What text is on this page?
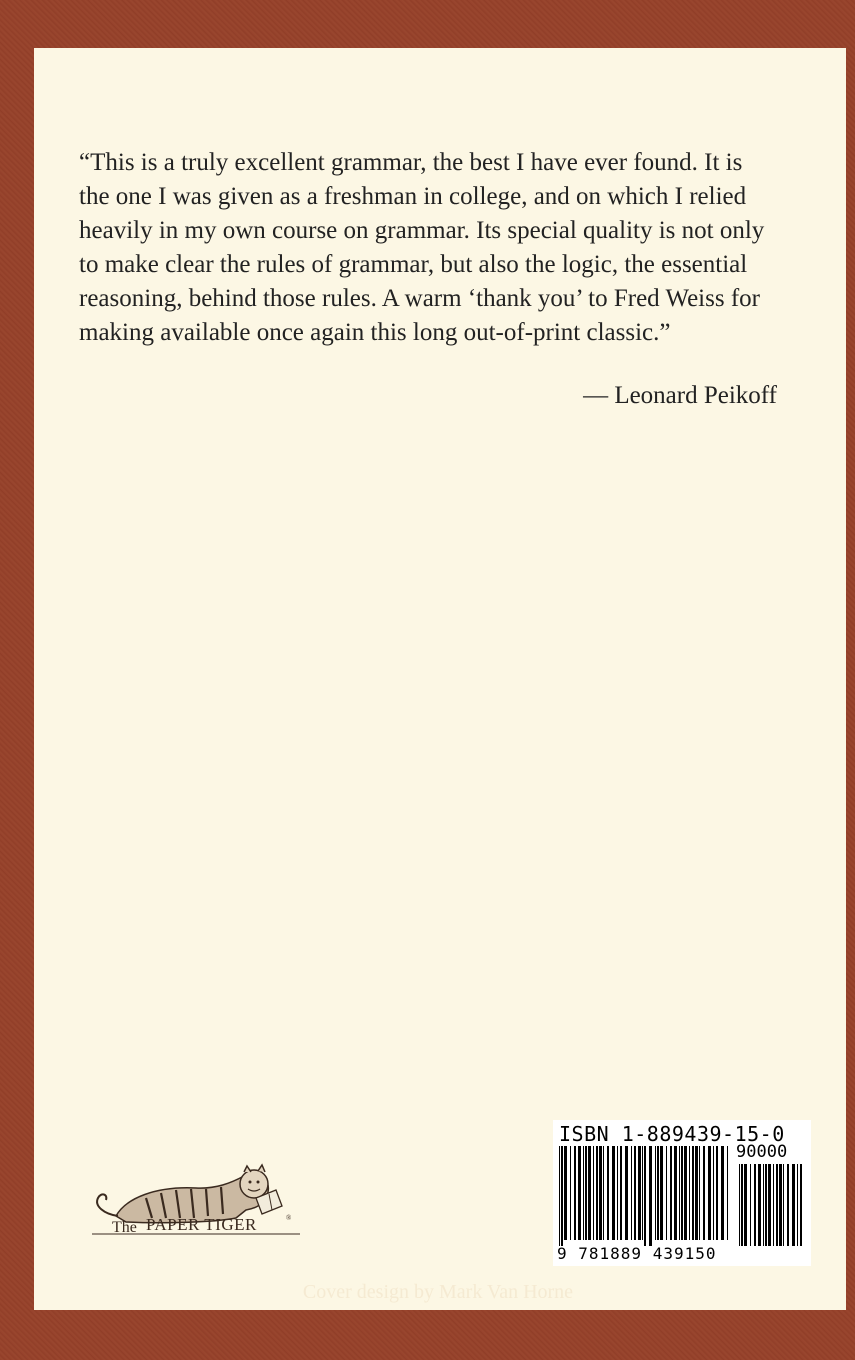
“This is a truly excellent grammar, the best I have ever found. It is
the one I was given as a freshman in college, and on which I relied
heavily in my own course on grammar. Its special quality is not only
to make clear the rules of grammar, but also the logic, the essential
reasoning, behind those rules. A warm ‘thank you’ to Fred Weiss for
making available once again this long out-of-print classic.”

— Leonard Peikoff
The PAPER TIGER	®
ISBN 1-889439-15-0
90000
9 781889 439150
Cover design by Mark Van Horne
